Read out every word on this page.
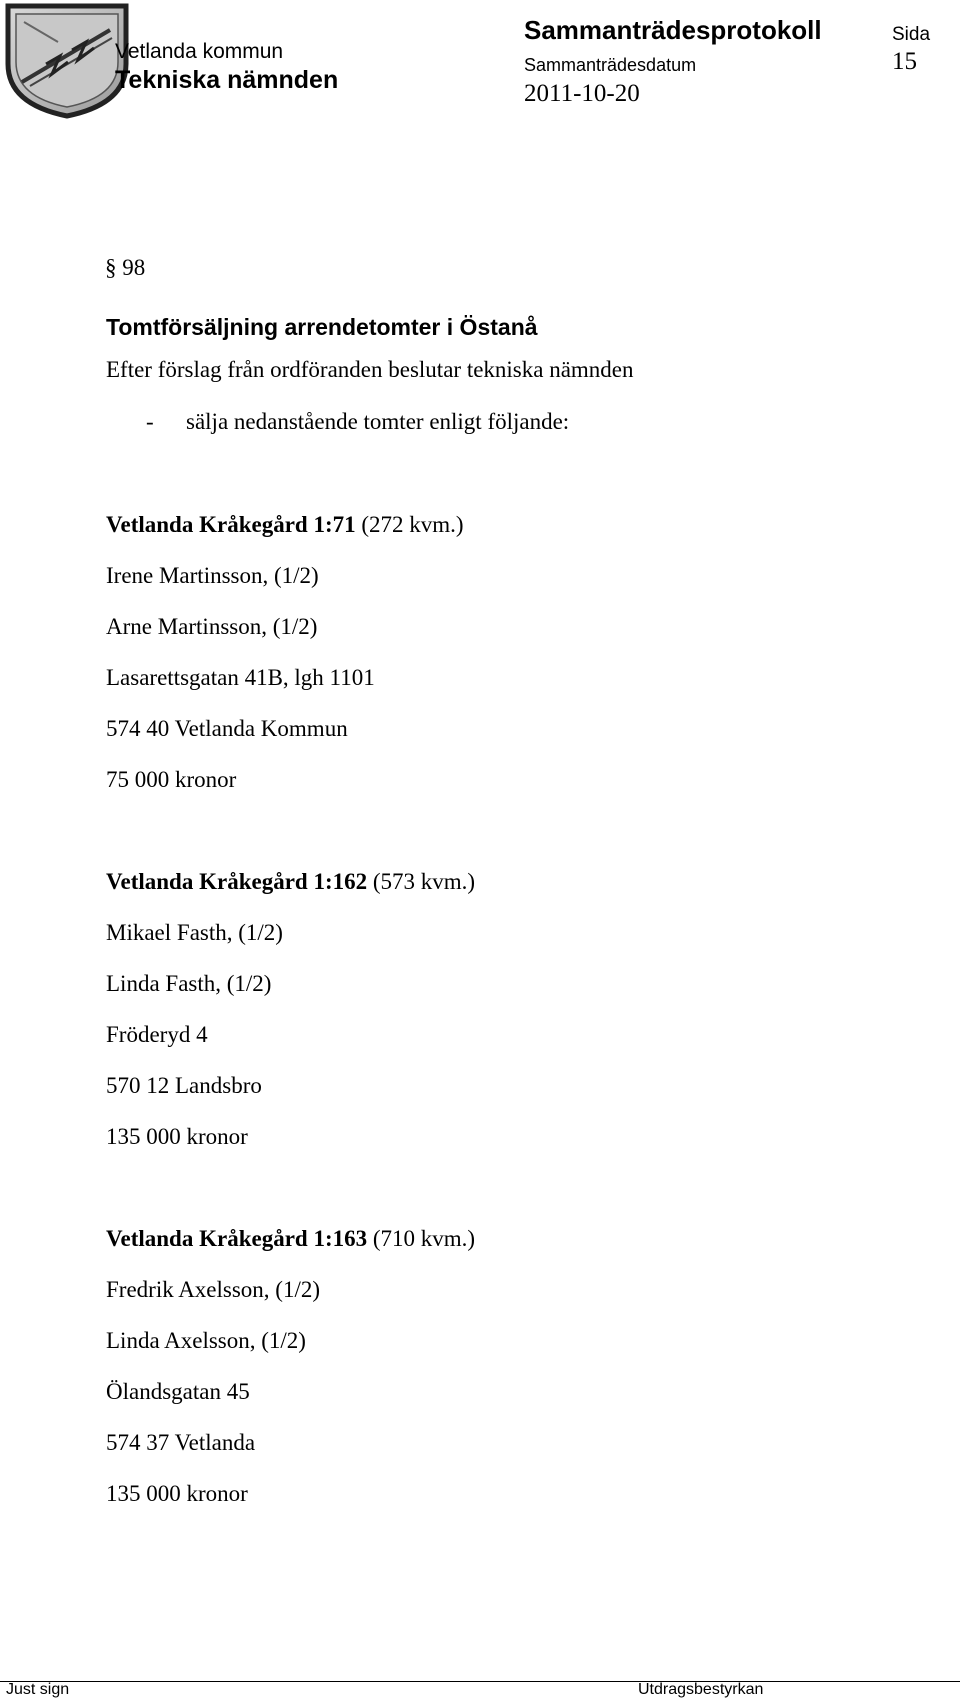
Vetlanda kommun
Tekniska nämnden
Sammanträdesprotokoll
Sammanträdesdatum
2011-10-20
Sida
15
§ 98
Tomtförsäljning arrendetomter i Östanå
Efter förslag från ordföranden beslutar tekniska nämnden
- sälja nedanstående tomter enligt följande:
Vetlanda Kråkegård 1:71 (272 kvm.)
Irene Martinsson, (1/2)
Arne Martinsson, (1/2)
Lasarettsgatan 41B, lgh 1101
574 40 Vetlanda Kommun
75 000 kronor
Vetlanda Kråkegård 1:162 (573 kvm.)
Mikael Fasth, (1/2)
Linda Fasth, (1/2)
Fröderyd 4
570 12 Landsbro
135 000 kronor
Vetlanda Kråkegård 1:163 (710 kvm.)
Fredrik Axelsson, (1/2)
Linda Axelsson, (1/2)
Ölandsgatan 45
574 37 Vetlanda
135 000 kronor
Just sign	Utdragsbestyrkan
